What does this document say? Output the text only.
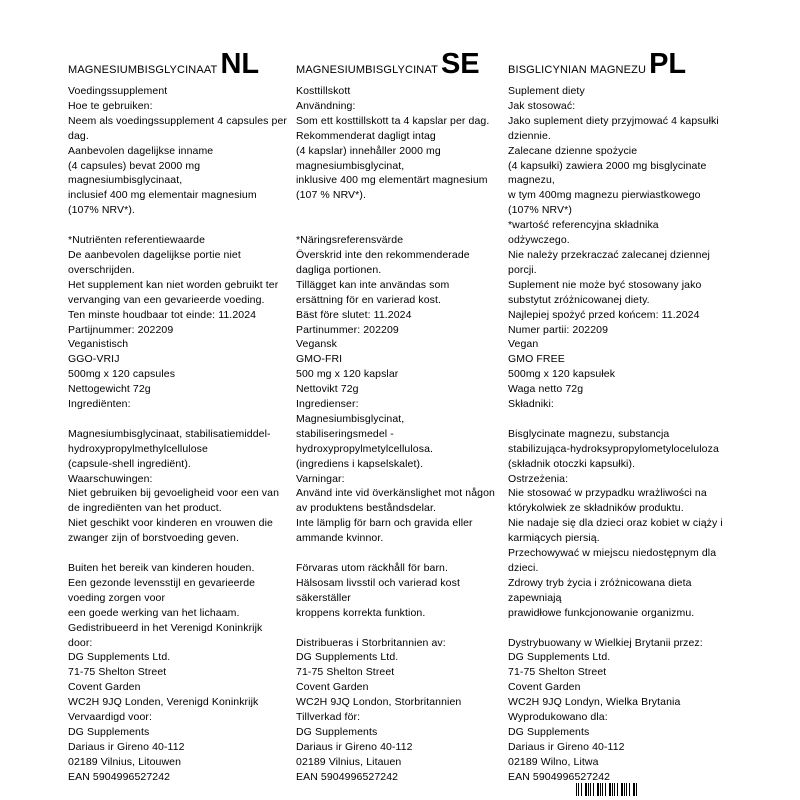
MAGNESIUMBISGLYCINAAT NL
Voedingssupplement
Hoe te gebruiken:
Neem als voedingssupplement 4 capsules per
dag.
Aanbevolen dagelijkse inname
(4 capsules) bevat 2000 mg
magnesiumbisglycinaat,
inclusief 400 mg elementair magnesium
(107% NRV*).

*Nutriënten referentiewaarde
De aanbevolen dagelijkse portie niet
overschrijden.
Het supplement kan niet worden gebruikt ter
vervanging van een gevarieerde voeding.
Ten minste houdbaar tot einde: 11.2024
Partijnummer: 202209
Veganistisch
GGO-VRIJ
500mg x 120 capsules
Nettogewicht 72g
Ingrediënten:

Magnesiumbisglycinaat, stabilisatiemiddel-
hydroxypropylmethylcellulose
(capsule-shell ingrediënt).
Waarschuwingen:
Niet gebruiken bij gevoeligheid voor een van
de ingrediënten van het product.
Niet geschikt voor kinderen en vrouwen die
zwanger zijn of borstvoeding geven.

Buiten het bereik van kinderen houden.
Een gezonde levensstijl en gevarieerde
voeding zorgen voor
een goede werking van het lichaam.
Gedistribueerd in het Verenigd Koninkrijk
door:
DG Supplements Ltd.
71-75 Shelton Street
Covent Garden
WC2H 9JQ Londen, Verenigd Koninkrijk
Vervaardigd voor:
DG Supplements
Dariaus ir Gireno 40-112
02189 Vilnius, Litouwen
EAN 5904996527242
MAGNESIUMBISGLYCINAT SE
Kosttillskott
Användning:
Som ett kosttillskott ta 4 kapslar per dag.
Rekommenderat dagligt intag
(4 kapslar) innehåller 2000 mg
magnesiumbisglycinat,
inklusive 400 mg elementärt magnesium
(107 % NRV*).

*Näringsreferensvärde
Överskrid inte den rekommenderade
dagliga portionen.
Tillägget kan inte användas som
ersättning för en varierad kost.
Bäst före slutet: 11.2024
Partinummer: 202209
Vegansk
GMO-FRI
500 mg x 120 kapslar
Nettovikt 72g
Ingredienser:
Magnesiumbisglycinat,
stabiliseringsmedel -
hydroxypropylmetylcellulosa.
(ingrediens i kapselskalet).
Varningar:
Använd inte vid överkänslighet mot någon
av produktens beståndsdelar.
Inte lämplig för barn och gravida eller
ammande kvinnor.

Förvaras utom räckhåll för barn.
Hälsosam livsstil och varierad kost
säkerställer
kroppens korrekta funktion.

Distribueras i Storbritannien av:
DG Supplements Ltd.
71-75 Shelton Street
Covent Garden
WC2H 9JQ London, Storbritannien
Tillverkad för:
DG Supplements
Dariaus ir Gireno 40-112
02189 Vilnius, Litauen
EAN 5904996527242
BISGLICYNIAN MAGNEZU PL
Suplement diety
Jak stosować:
Jako suplement diety przyjmować 4 kapsułki
dziennie.
Zalecane dzienne spożycie
(4 kapsułki) zawiera 2000 mg bisglycinate
magnezu,
w tym 400mg magnezu pierwiastkowego
(107% NRV*)
*wartość referencyjna składnika
odżywczego.
Nie należy przekraczać zalecanej dziennej
porcji.
Suplement nie może być stosowany jako
substytut zróżnicowanej diety.
Najlepiej spożyć przed końcem: 11.2024
Numer partii: 202209
Vegan
GMO FREE
500mg x 120 kapsułek
Waga netto 72g
Składniki:

Bisglycinate magnezu, substancja
stabilizująca-hydroksypropylometyloceluloza
(składnik otoczki kapsułki).
Ostrzeżenia:
Nie stosować w przypadku wrażliwości na
którykolwiek ze składników produktu.
Nie nadaje się dla dzieci oraz kobiet w ciąży i
karmiących piersią.
Przechowywać w miejscu niedostępnym dla
dzieci.
Zdrowy tryb życia i zróżnicowana dieta
zapewniają
prawidłowe funkcjonowanie organizmu.

Dystrybuowany w Wielkiej Brytanii przez:
DG Supplements Ltd.
71-75 Shelton Street
Covent Garden
WC2H 9JQ Londyn, Wielka Brytania
Wyprodukowano dla:
DG Supplements
Dariaus ir Gireno 40-112
02189 Wilno, Litwa
EAN 5904996527242
